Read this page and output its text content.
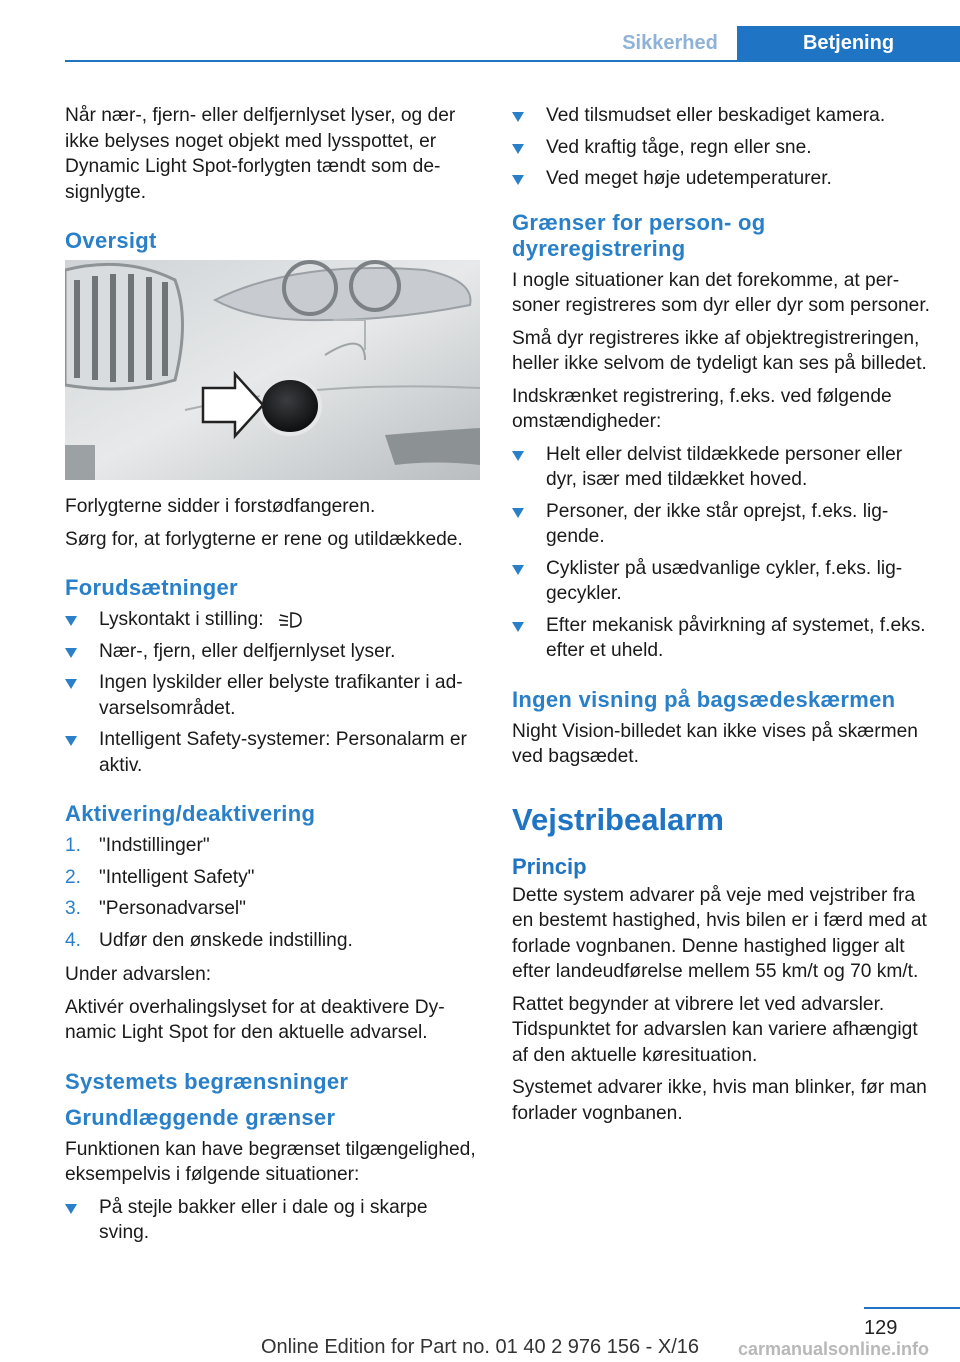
Sikkerhed	Betjening

Når nær-, fjern- eller delfjernlyset lyser, og der ikke belyses noget objekt med lysspottet, er Dynamic Light Spot-forlygten tændt som designlygte.

Oversigt

Forlygterne sidder i forstødfangeren.

Sørg for, at forlygterne er rene og utildækkede.

Forudsætninger
Lyskontakt i stilling:
Nær-, fjern, eller delfjernlyset lyser.
Ingen lyskilder eller belyste trafikanter i advarselsområdet.
Intelligent Safety-systemer: Personalarm er aktiv.
Aktivering/deaktivering
1. "Indstillinger"
2. "Intelligent Safety"
3. "Personadvarsel"
4. Udfør den ønskede indstilling.

Under advarslen:

Aktivér overhalingslyset for at deaktivere Dynamic Light Spot for den aktuelle advarsel.

Systemets begrænsninger
Grundlæggende grænser

Funktionen kan have begrænset tilgængelighed, eksempelvis i følgende situationer:

På stejle bakker eller i dale og i skarpe sving.
Ved tilsmudset eller beskadiget kamera.
Ved kraftig tåge, regn eller sne.
Ved meget høje udetemperaturer.
Grænser for person- og dyreregistrering

I nogle situationer kan det forekomme, at personer registreres som dyr eller dyr som personer.

Små dyr registreres ikke af objektregistreringen, heller ikke selvom de tydeligt kan ses på billedet.

Indskrænket registrering, f.eks. ved følgende omstændigheder:

Helt eller delvist tildækkede personer eller dyr, især med tildækket hoved.
Personer, der ikke står oprejst, f.eks. liggende.
Cyklister på usædvanlige cykler, f.eks. liggecykler.
Efter mekanisk påvirkning af systemet, f.eks. efter et uheld.
Ingen visning på bagsædeskærmen

Night Vision-billedet kan ikke vises på skærmen ved bagsædet.

Vejstribealarm
Princip

Dette system advarer på veje med vejstriber fra en bestemt hastighed, hvis bilen er i færd med at forlade vognbanen. Denne hastighed ligger alt efter landeudførelse mellem 55 km/t og 70 km/t.

Rattet begynder at vibrere let ved advarsler. Tidspunktet for advarslen kan variere afhængigt af den aktuelle køresituation.

Systemet advarer ikke, hvis man blinker, før man forlader vognbanen.

129
Online Edition for Part no. 01 40 2 976 156 - X/16	carmanualsonline.info
